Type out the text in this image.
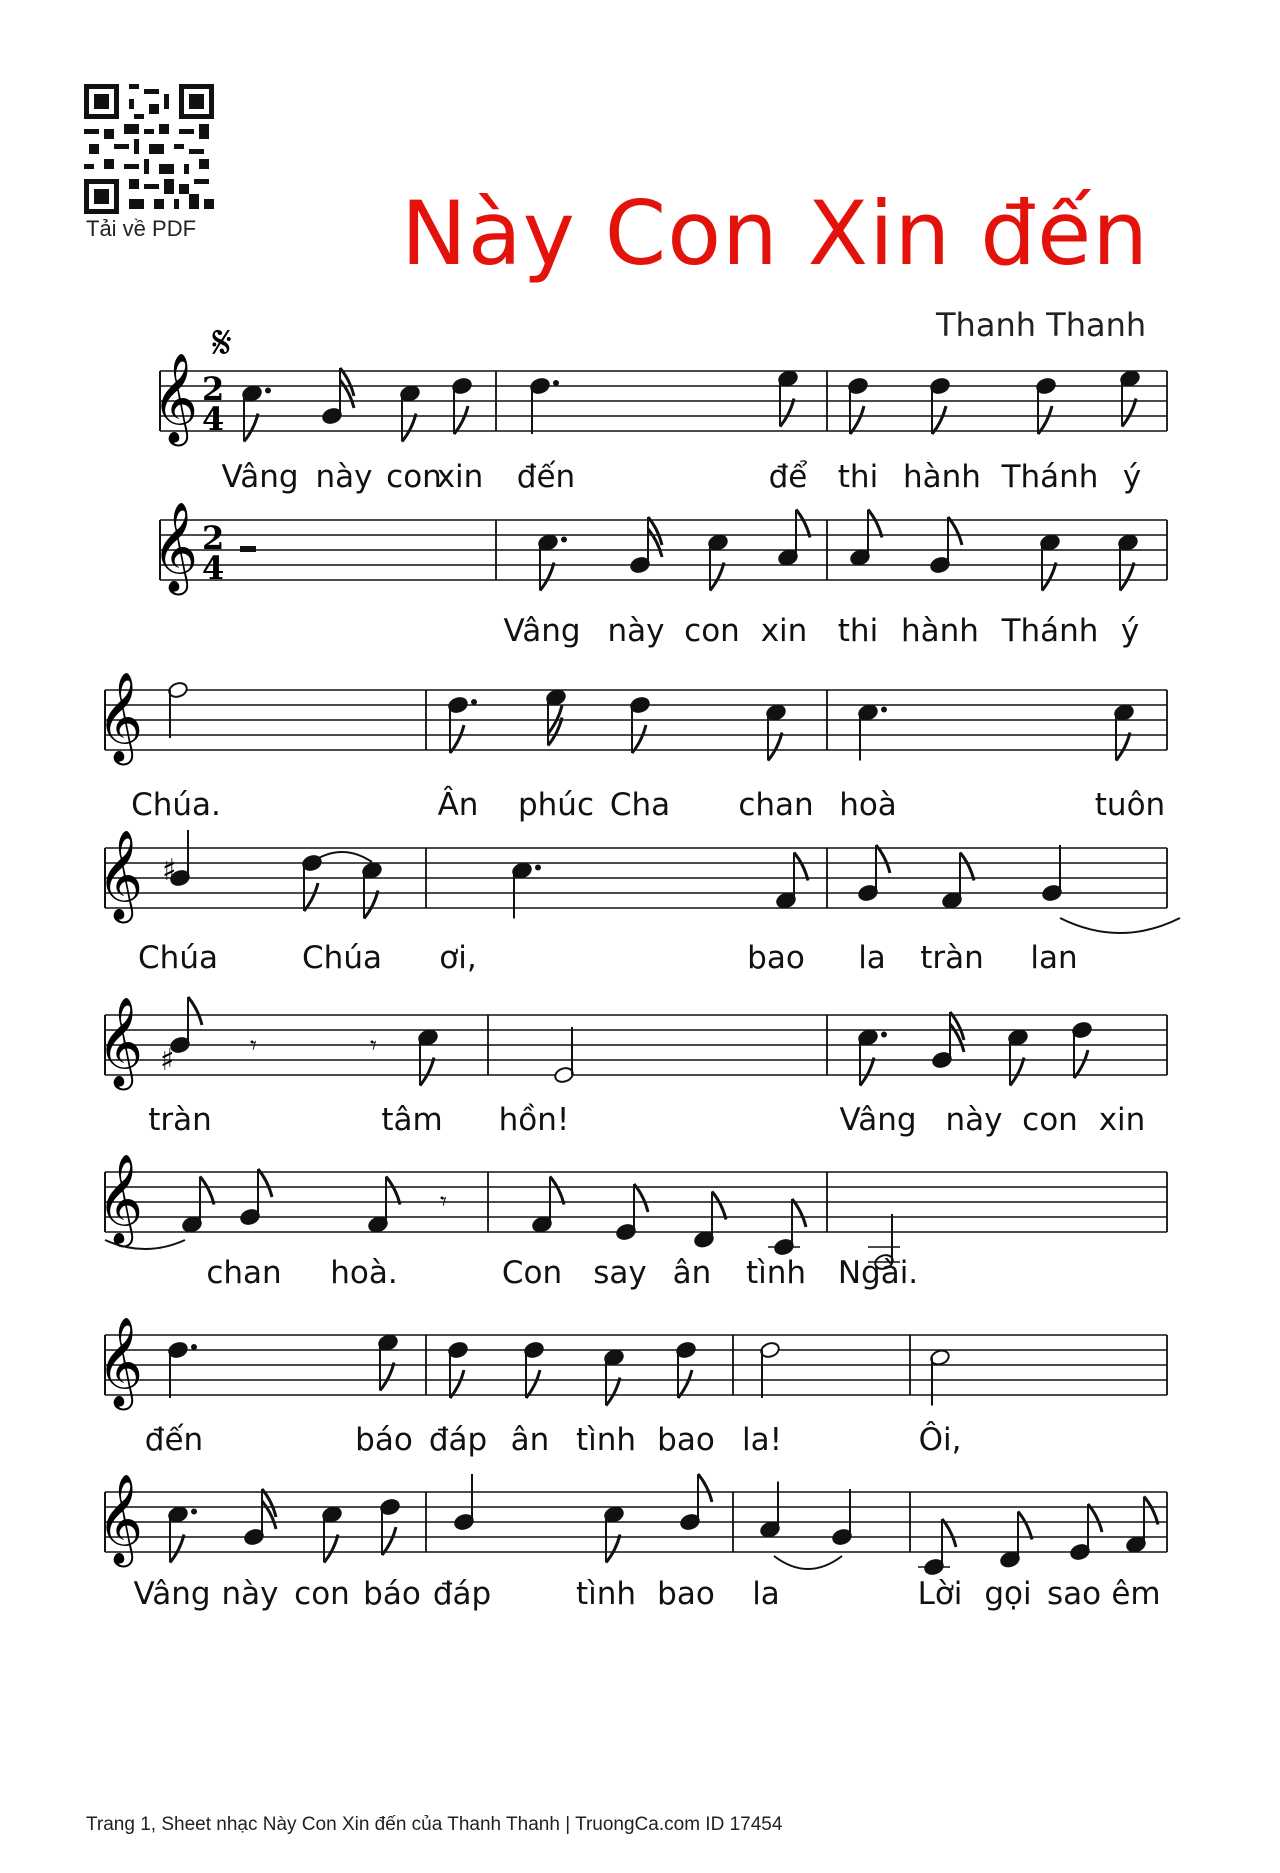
Tải về PDF	Này Con Xin đến
Thanh Thanh
𝄞 2
4
𝄞 2
4
𝄞
𝄞
𝄞
𝄞
𝄞
𝄞
𝄋
♯
♯	𝄾	𝄾
𝄾
Vâng này con
xin đến	để thi hành Thánh ý
Vâng này con xin thi hành Thánh ý
Chúa.	Ân phúc Cha chan hoà	tuôn
Chúa	Chúa ơi,	bao la tràn lan
tràn	tâm hồn!	Vâng này con xin
chan hoà.	Con say ân tình Ngài.
đến	báo đáp ân tình bao la!	Ôi,
Vâng này con báo đáp	tình bao la	Lời gọi sao êm
Trang 1, Sheet nhạc Này Con Xin đến của Thanh Thanh | TruongCa.com ID 17454
